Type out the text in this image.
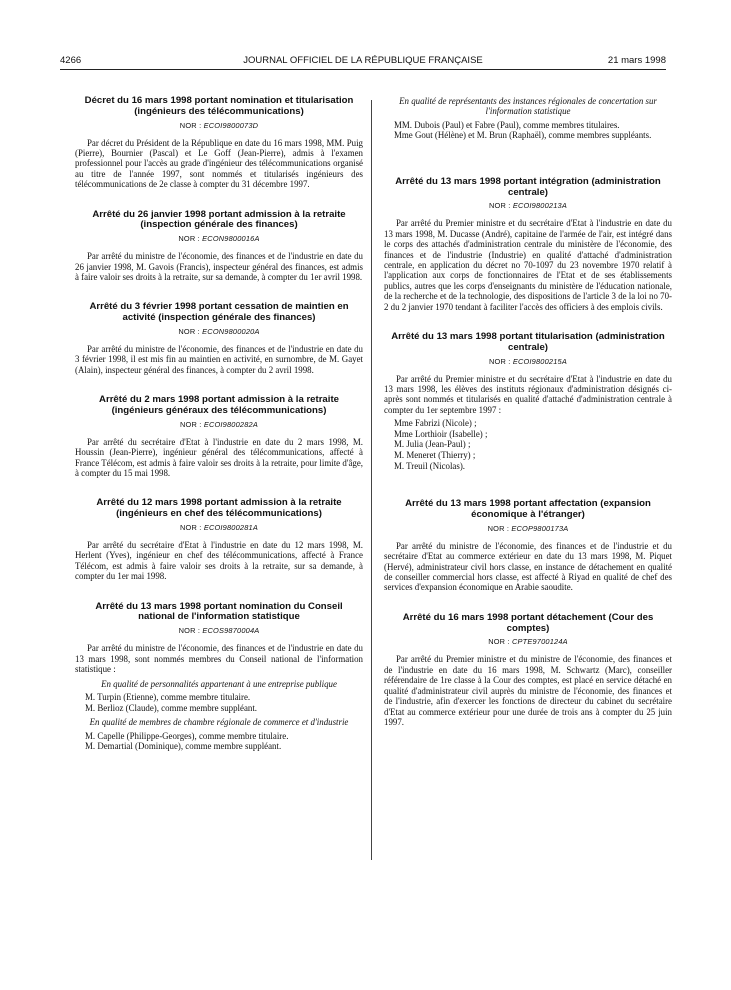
4266	JOURNAL OFFICIEL DE LA RÉPUBLIQUE FRANÇAISE	21 mars 1998
Décret du 16 mars 1998 portant nomination et titularisation (ingénieurs des télécommunications)
NOR : ECOI9800073D
Par décret du Président de la République en date du 16 mars 1998, MM. Puig (Pierre), Bournier (Pascal) et Le Goff (Jean-Pierre), admis à l'examen professionnel pour l'accès au grade d'ingénieur des télécommunications organisé au titre de l'année 1997, sont nommés et titularisés ingénieurs des télécommunications de 2e classe à compter du 31 décembre 1997.
Arrêté du 26 janvier 1998 portant admission à la retraite (inspection générale des finances)
NOR : ECON9800016A
Par arrêté du ministre de l'économie, des finances et de l'industrie en date du 26 janvier 1998, M. Gavois (Francis), inspecteur général des finances, est admis à faire valoir ses droits à la retraite, sur sa demande, à compter du 1er avril 1998.
Arrêté du 3 février 1998 portant cessation de maintien en activité (inspection générale des finances)
NOR : ECON9800020A
Par arrêté du ministre de l'économie, des finances et de l'industrie en date du 3 février 1998, il est mis fin au maintien en activité, en surnombre, de M. Gayet (Alain), inspecteur général des finances, à compter du 2 avril 1998.
Arrêté du 2 mars 1998 portant admission à la retraite (ingénieurs généraux des télécommunications)
NOR : ECOI9800282A
Par arrêté du secrétaire d'Etat à l'industrie en date du 2 mars 1998, M. Houssin (Jean-Pierre), ingénieur général des télécommunications, affecté à France Télécom, est admis à faire valoir ses droits à la retraite, pour limite d'âge, à compter du 15 mai 1998.
Arrêté du 12 mars 1998 portant admission à la retraite (ingénieurs en chef des télécommunications)
NOR : ECOI9800281A
Par arrêté du secrétaire d'Etat à l'industrie en date du 12 mars 1998, M. Herlent (Yves), ingénieur en chef des télécommunications, affecté à France Télécom, est admis à faire valoir ses droits à la retraite, sur sa demande, à compter du 1er mai 1998.
Arrêté du 13 mars 1998 portant nomination du Conseil national de l'information statistique
NOR : ECOS9870004A
Par arrêté du ministre de l'économie, des finances et de l'industrie en date du 13 mars 1998, sont nommés membres du Conseil national de l'information statistique :
En qualité de personnalités appartenant à une entreprise publique
M. Turpin (Etienne), comme membre titulaire.
M. Berlioz (Claude), comme membre suppléant.
En qualité de membres de chambre régionale de commerce et d'industrie
M. Capelle (Philippe-Georges), comme membre titulaire.
M. Demartial (Dominique), comme membre suppléant.
En qualité de représentants des instances régionales de concertation sur l'information statistique
MM. Dubois (Paul) et Fabre (Paul), comme membres titulaires.
Mme Gout (Hélène) et M. Brun (Raphaël), comme membres suppléants.
Arrêté du 13 mars 1998 portant intégration (administration centrale)
NOR : ECOI9800213A
Par arrêté du Premier ministre et du secrétaire d'Etat à l'industrie en date du 13 mars 1998, M. Ducasse (André), capitaine de l'armée de l'air, est intégré dans le corps des attachés d'administration centrale du ministère de l'économie, des finances et de l'industrie (Industrie) en qualité d'attaché d'administration centrale, en application du décret no 70-1097 du 23 novembre 1970 relatif à l'application aux corps de fonctionnaires de l'Etat et de ses établissements publics, autres que les corps d'enseignants du ministère de l'éducation nationale, de la recherche et de la technologie, des dispositions de l'article 3 de la loi no 70-2 du 2 janvier 1970 tendant à faciliter l'accès des officiers à des emplois civils.
Arrêté du 13 mars 1998 portant titularisation (administration centrale)
NOR : ECOI9800215A
Par arrêté du Premier ministre et du secrétaire d'Etat à l'industrie en date du 13 mars 1998, les élèves des instituts régionaux d'administration désignés ci-après sont nommés et titularisés en qualité d'attaché d'administration centrale à compter du 1er septembre 1997 :
Mme Fabrizi (Nicole) ;
Mme Lorthioir (Isabelle) ;
M. Julia (Jean-Paul) ;
M. Meneret (Thierry) ;
M. Treuil (Nicolas).
Arrêté du 13 mars 1998 portant affectation (expansion économique à l'étranger)
NOR : ECOP9800173A
Par arrêté du ministre de l'économie, des finances et de l'industrie et du secrétaire d'Etat au commerce extérieur en date du 13 mars 1998, M. Piquet (Hervé), administrateur civil hors classe, en instance de détachement en qualité de conseiller commercial hors classe, est affecté à Riyad en qualité de chef des services d'expansion économique en Arabie saoudite.
Arrêté du 16 mars 1998 portant détachement (Cour des comptes)
NOR : CPTE9700124A
Par arrêté du Premier ministre et du ministre de l'économie, des finances et de l'industrie en date du 16 mars 1998, M. Schwartz (Marc), conseiller référendaire de 1re classe à la Cour des comptes, est placé en service détaché en qualité d'administrateur civil auprès du ministre de l'économie, des finances et de l'industrie, afin d'exercer les fonctions de directeur du cabinet du secrétaire d'Etat au commerce extérieur pour une durée de trois ans à compter du 25 juin 1997.
